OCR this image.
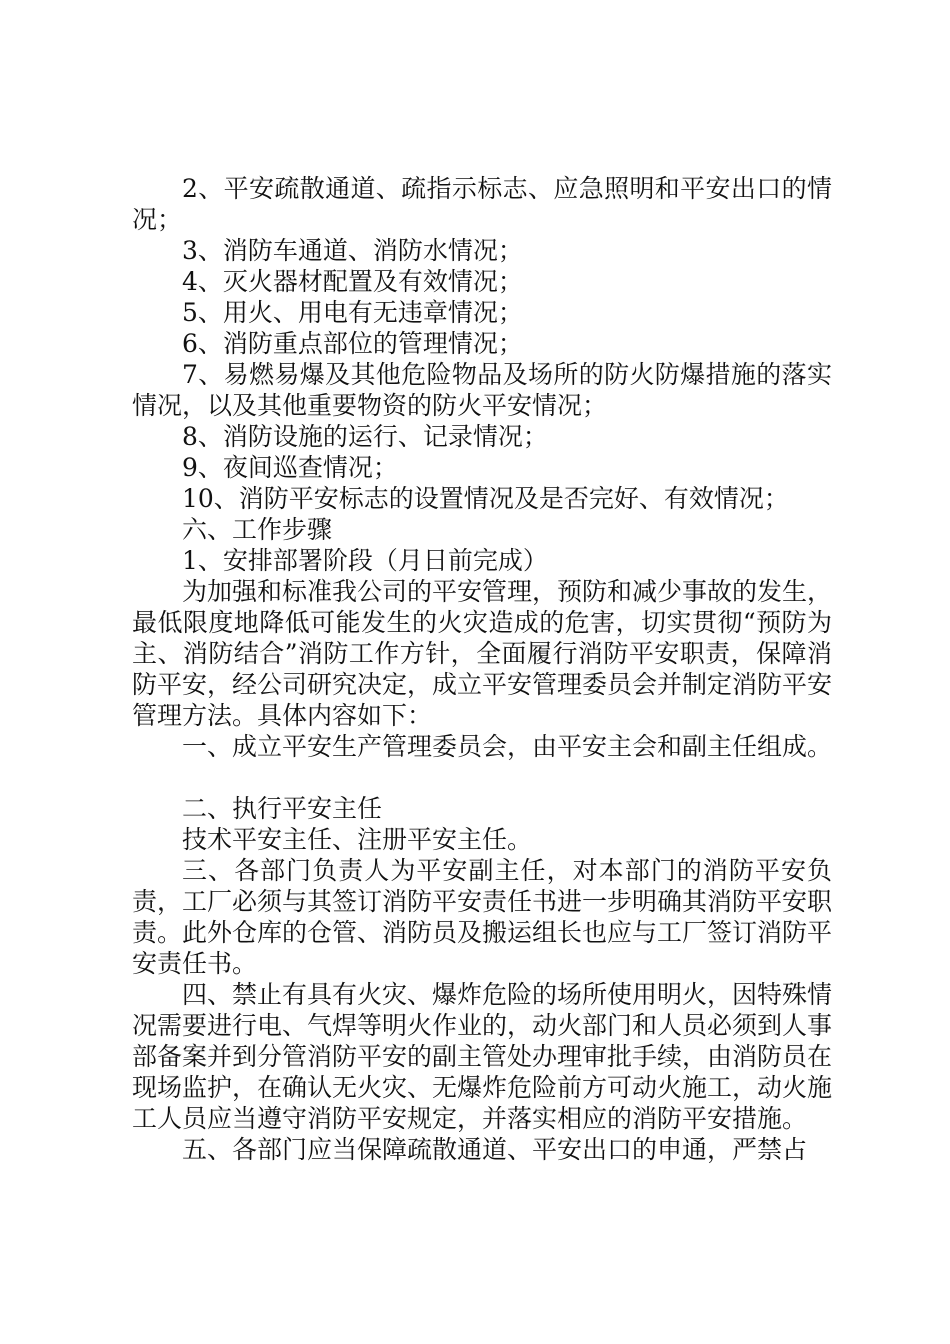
2、平安疏散通道、疏指示标志、应急照明和平安出口的情况；

3、消防车通道、消防水情况；

4、灭火器材配置及有效情况；

5、用火、用电有无违章情况；

6、消防重点部位的管理情况；

7、易燃易爆及其他危险物品及场所的防火防爆措施的落实情况，以及其他重要物资的防火平安情况；

8、消防设施的运行、记录情况；

9、夜间巡查情况；

10、消防平安标志的设置情况及是否完好、有效情况；

六、工作步骤

1、安排部署阶段（月日前完成）

为加强和标准我公司的平安管理，预防和减少事故的发生，最低限度地降低可能发生的火灾造成的危害，切实贯彻“预防为主、消防结合”消防工作方针，全面履行消防平安职责，保障消防平安，经公司研究决定，成立平安管理委员会并制定消防平安管理方法。具体内容如下：

一、成立平安生产管理委员会，由平安主会和副主任组成。

二、执行平安主任

技术平安主任、注册平安主任。

三、各部门负责人为平安副主任，对本部门的消防平安负责，工厂必须与其签订消防平安责任书进一步明确其消防平安职责。此外仓库的仓管、消防员及搬运组长也应与工厂签订消防平安责任书。

四、禁止有具有火灾、爆炸危险的场所使用明火，因特殊情况需要进行电、气焊等明火作业的，动火部门和人员必须到人事部备案并到分管消防平安的副主管处办理审批手续，由消防员在现场监护，在确认无火灾、无爆炸危险前方可动火施工，动火施工人员应当遵守消防平安规定，并落实相应的消防平安措施。

五、各部门应当保障疏散通道、平安出口的申通，严禁占
